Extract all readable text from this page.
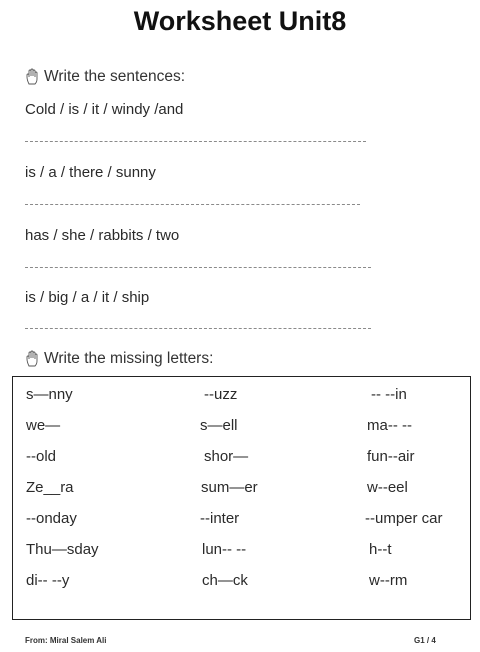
Worksheet Unit8
Write the sentences:
Cold / is / it / windy /and
is / a / there / sunny
has / she / rabbits / two
is / big / a / it / ship
Write the missing letters:
s—nny	--uzz	-- --in
we—	s—ell	ma-- --
--old	shor—	fun--air
Ze__ra	sum—er	w--eel
--onday	--inter	--umper car
Thu—sday	lun-- --	h--t
di-- --y	ch—ck	w--rm
From: Miral Salem Ali	G1 / 4
